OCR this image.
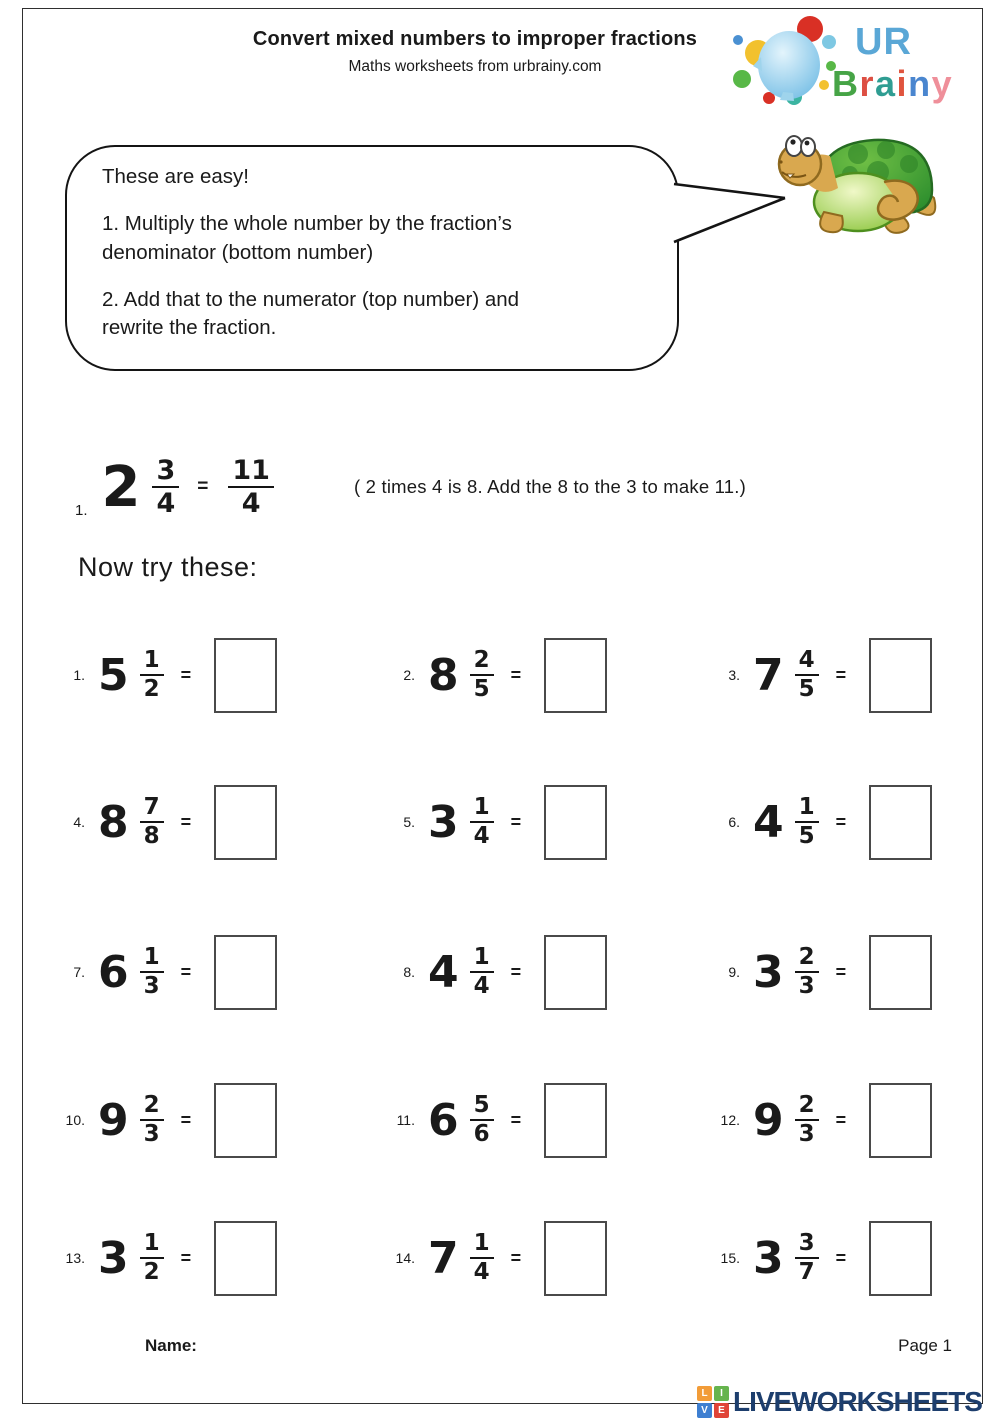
Convert mixed numbers to improper fractions
Maths worksheets from urbrainy.com
UR
Brainy
These are easy!
1. Multiply the whole number by the fraction’s denominator (bottom number)
2. Add that to the numerator (top number) and rewrite the fraction.
1. $2 \frac{3}{4} = \frac{11}{4}$	( 2 times 4 is 8. Add the 8 to the 3 to make 11.)
Now try these:
1. $5 \frac{1}{2}$ =	2. $8 \frac{2}{5}$ =	3. $7 \frac{4}{5}$ =
4. $8 \frac{7}{8}$ =	5. $3 \frac{1}{4}$ =	6. $4 \frac{1}{5}$ =
7. $6 \frac{1}{3}$ =	8. $4 \frac{1}{4}$ =	9. $3 \frac{2}{3}$ =
10. $9 \frac{2}{3}$ =	11. $6 \frac{5}{6}$ =	12. $9 \frac{2}{3}$ =
13. $3 \frac{1}{2}$ =	14. $7 \frac{1}{4}$ =	15. $3 \frac{3}{7}$ =
Name:	Page 1
L	I
V	E LIVEWORKSHEETS
